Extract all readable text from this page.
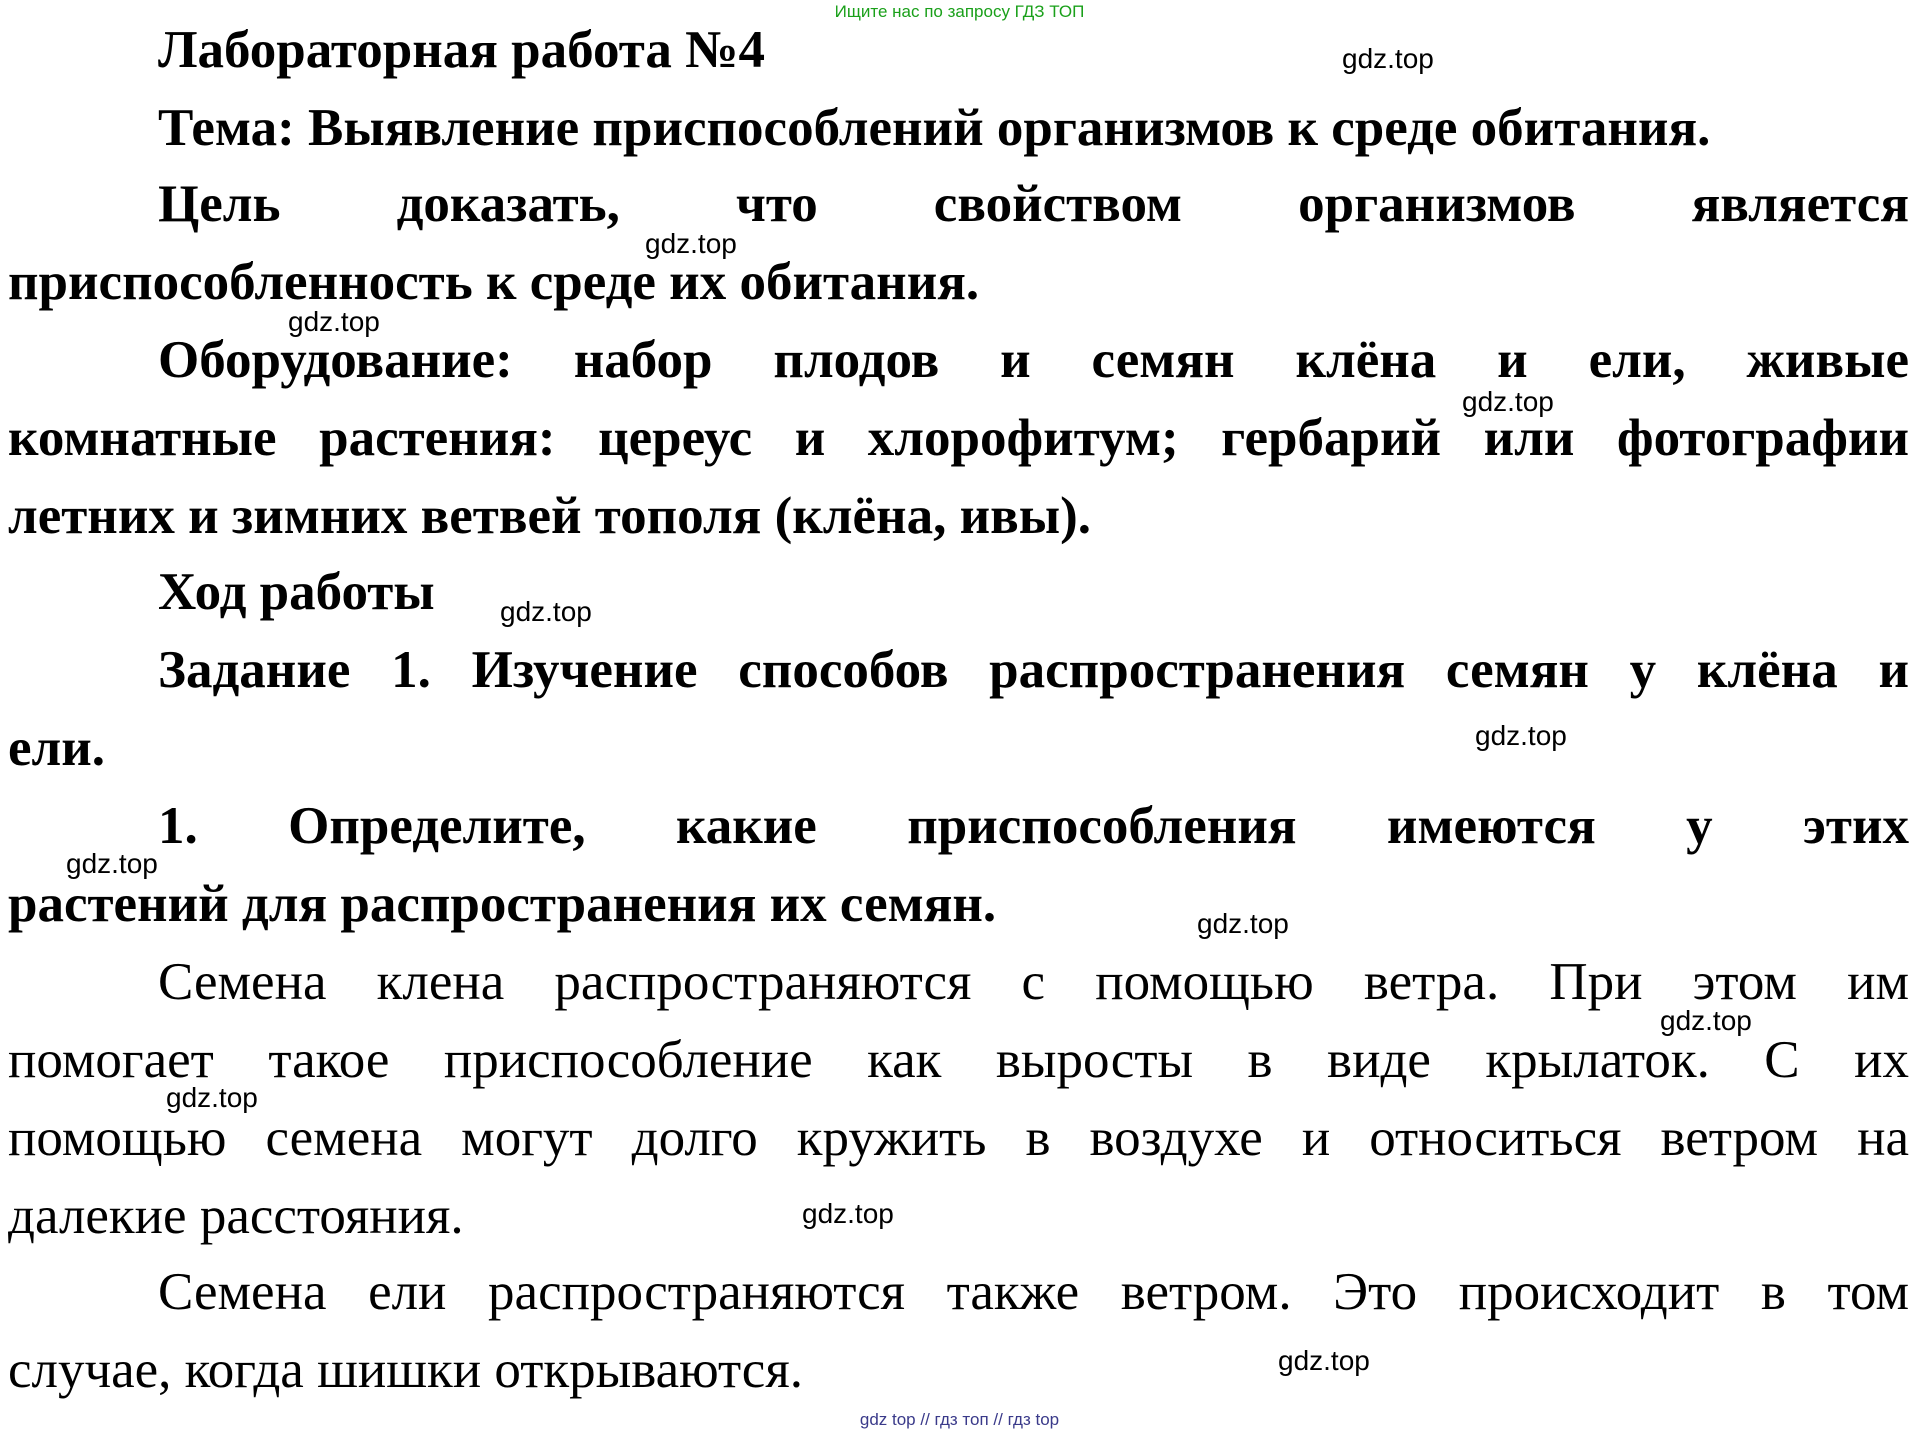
Ищите нас по запросу ГДЗ ТОП
Лабораторная работа №4
Тема: Выявление приспособлений организмов к среде обитания.
Цель доказать, что свойством организмов является
приспособленность к среде их обитания.
Оборудование: набор плодов и семян клёна и ели, живые
комнатные растения: цереус и хлорофитум; гербарий или фотографии
летних и зимних ветвей тополя (клёна, ивы).
Ход работы
Задание 1. Изучение способов распространения семян у клёна и
ели.
1. Определите, какие приспособления имеются у этих
растений для распространения их семян.
Семена клена распространяются с помощью ветра. При этом им
помогает такое приспособление как выросты в виде крылаток. С их
помощью семена могут долго кружить в воздухе и относиться ветром на
далекие расстояния.
Семена ели распространяются также ветром. Это происходит в том
случае, когда шишки открываются.
gdz.top
gdz.top
gdz.top
gdz.top
gdz.top
gdz.top
gdz.top
gdz.top
gdz.top
gdz.top
gdz.top
gdz.top
gdz top // гдз топ // гдз top
